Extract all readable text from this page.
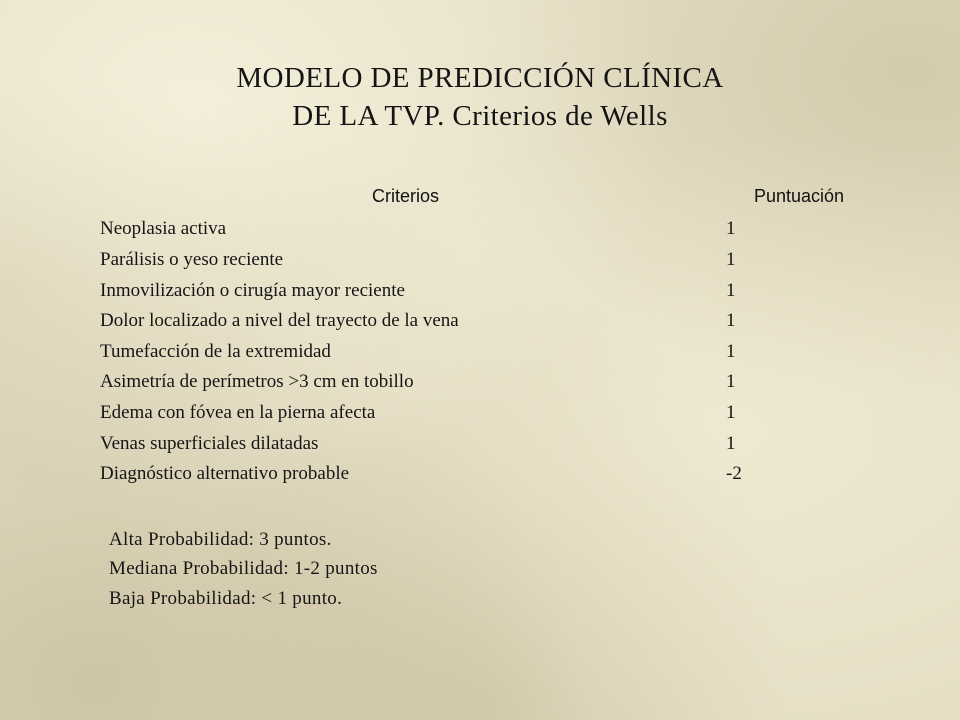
MODELO DE PREDICCIÓN CLÍNICA
DE LA TVP. Criterios de Wells
Criterios	Puntuación
Neoplasia activa	1
Parálisis o yeso reciente	1
Inmovilización o cirugía mayor reciente	1
Dolor localizado a nivel del trayecto de la vena	1
Tumefacción de la extremidad	1
Asimetría de perímetros >3 cm en tobillo	1
Edema con fóvea en la pierna afecta	1
Venas superficiales dilatadas	1
Diagnóstico alternativo probable	-2
Alta Probabilidad: 3 puntos.
Mediana Probabilidad: 1-2 puntos
Baja Probabilidad: < 1 punto.
